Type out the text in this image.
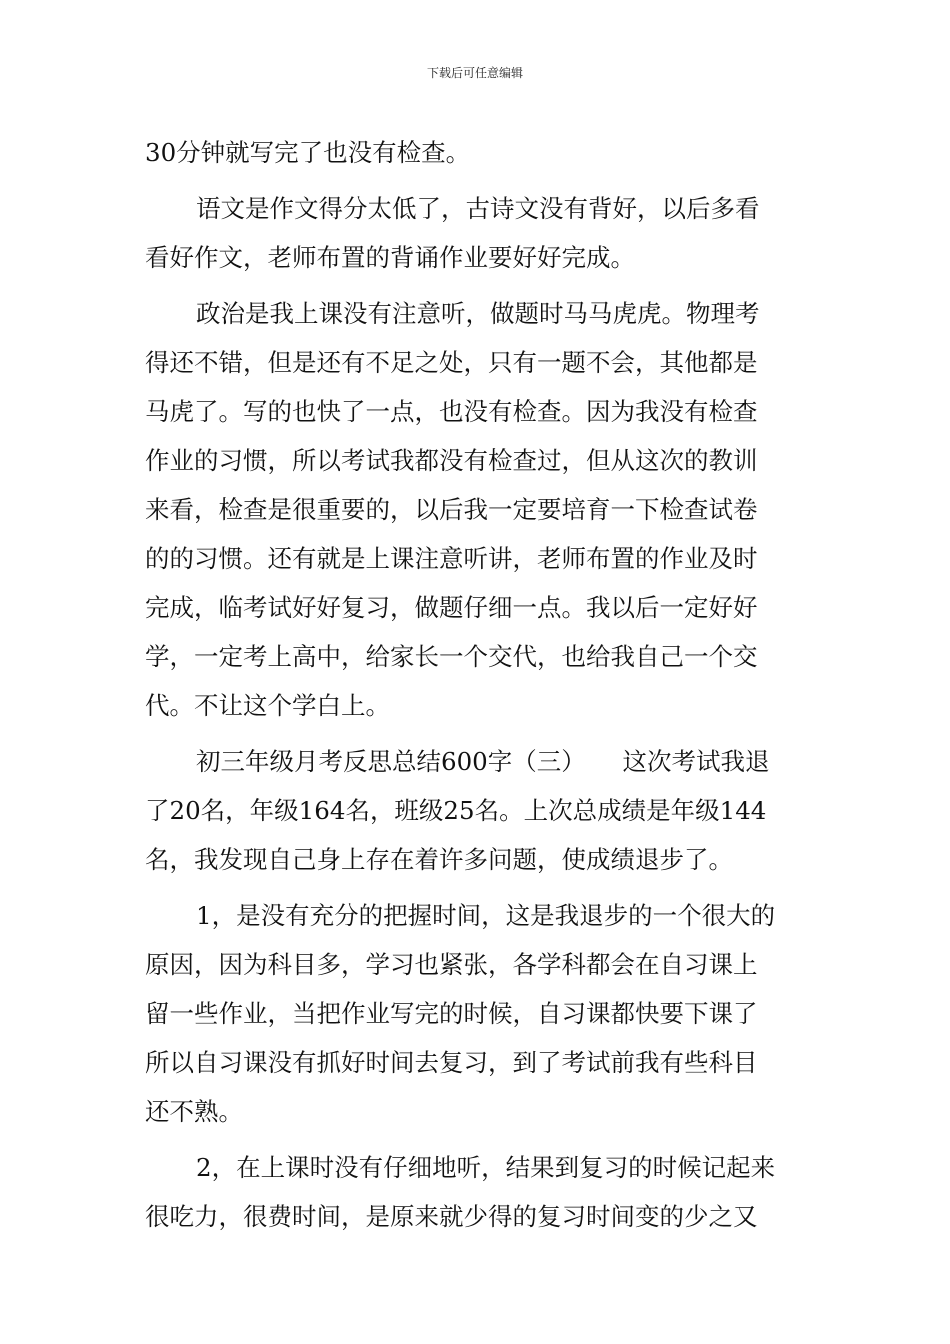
下载后可任意编辑
30分钟就写完了也没有检查。
语文是作文得分太低了，古诗文没有背好，以后多看
看好作文，老师布置的背诵作业要好好完成。
政治是我上课没有注意听，做题时马马虎虎。物理考
得还不错，但是还有不足之处，只有一题不会，其他都是
马虎了。写的也快了一点，也没有检查。因为我没有检查
作业的习惯，所以考试我都没有检查过，但从这次的教训
来看，检查是很重要的，以后我一定要培育一下检查试卷
的的习惯。还有就是上课注意听讲，老师布置的作业及时
完成，临考试好好复习，做题仔细一点。我以后一定好好
学，一定考上高中，给家长一个交代，也给我自己一个交
代。不让这个学白上。
初三年级月考反思总结600字（三）　　这次考试我退
了20名，年级164名，班级25名。上次总成绩是年级144
名，我发现自己身上存在着许多问题，使成绩退步了。
1，是没有充分的把握时间，这是我退步的一个很大的
原因，因为科目多，学习也紧张，各学科都会在自习课上
留一些作业，当把作业写完的时候，自习课都快要下课了
所以自习课没有抓好时间去复习，到了考试前我有些科目
还不熟。
2，在上课时没有仔细地听，结果到复习的时候记起来
很吃力，很费时间，是原来就少得的复习时间变的少之又
